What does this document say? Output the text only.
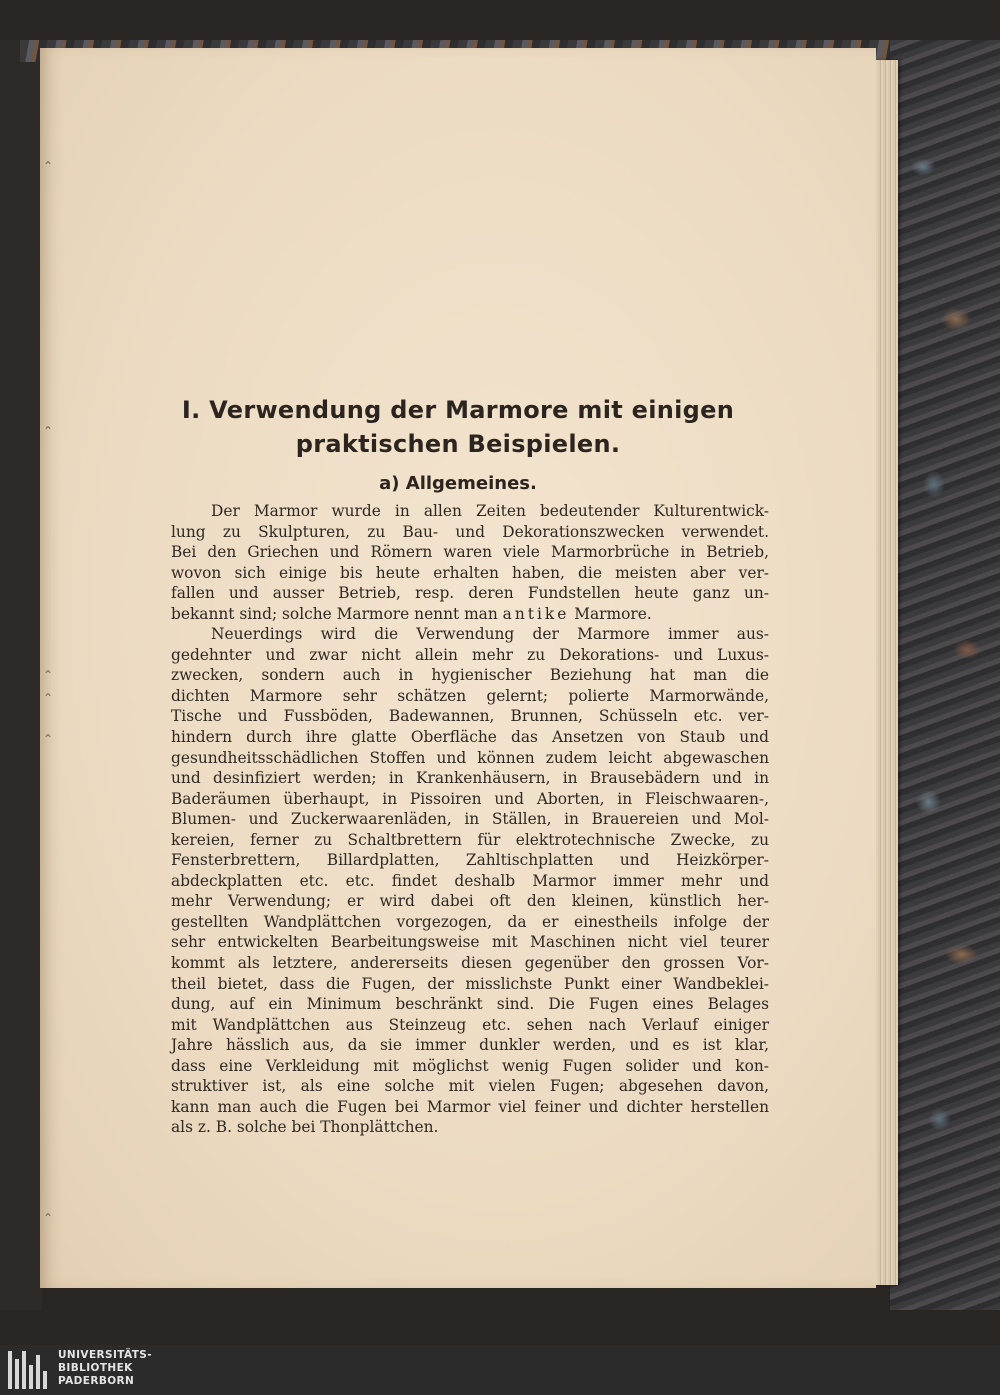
⌃
⌃
⌃
⌃
⌃
⌃
I. Verwendung der Marmore mit einigen
praktischen Beispielen.
a) Allgemeines.
Der Marmor wurde in allen Zeiten bedeutender Kulturentwick-
lung zu Skulpturen, zu Bau- und Dekorationszwecken verwendet.
Bei den Griechen und Römern waren viele Marmorbrüche in Betrieb,
wovon sich einige bis heute erhalten haben, die meisten aber ver-
fallen und ausser Betrieb, resp. deren Fundstellen heute ganz un-
bekannt sind; solche Marmore nennt man antike Marmore.
Neuerdings wird die Verwendung der Marmore immer aus-
gedehnter und zwar nicht allein mehr zu Dekorations- und Luxus-
zwecken, sondern auch in hygienischer Beziehung hat man die
dichten Marmore sehr schätzen gelernt; polierte Marmorwände,
Tische und Fussböden, Badewannen, Brunnen, Schüsseln etc. ver-
hindern durch ihre glatte Oberfläche das Ansetzen von Staub und
gesundheitsschädlichen Stoffen und können zudem leicht abgewaschen
und desinfiziert werden; in Krankenhäusern, in Brausebädern und in
Baderäumen überhaupt, in Pissoiren und Aborten, in Fleischwaaren-,
Blumen- und Zuckerwaarenläden, in Ställen, in Brauereien und Mol-
kereien, ferner zu Schaltbrettern für elektrotechnische Zwecke, zu
Fensterbrettern, Billardplatten, Zahltischplatten und Heizkörper-
abdeckplatten etc. etc. findet deshalb Marmor immer mehr und
mehr Verwendung; er wird dabei oft den kleinen, künstlich her-
gestellten Wandplättchen vorgezogen, da er einestheils infolge der
sehr entwickelten Bearbeitungsweise mit Maschinen nicht viel teurer
kommt als letztere, andererseits diesen gegenüber den grossen Vor-
theil bietet, dass die Fugen, der misslichste Punkt einer Wandbeklei-
dung, auf ein Minimum beschränkt sind. Die Fugen eines Belages
mit Wandplättchen aus Steinzeug etc. sehen nach Verlauf einiger
Jahre hässlich aus, da sie immer dunkler werden, und es ist klar,
dass eine Verkleidung mit möglichst wenig Fugen solider und kon-
struktiver ist, als eine solche mit vielen Fugen; abgesehen davon,
kann man auch die Fugen bei Marmor viel feiner und dichter herstellen
als z. B. solche bei Thonplättchen.
UNIVERSITÄTS-
BIBLIOTHEK
PADERBORN
